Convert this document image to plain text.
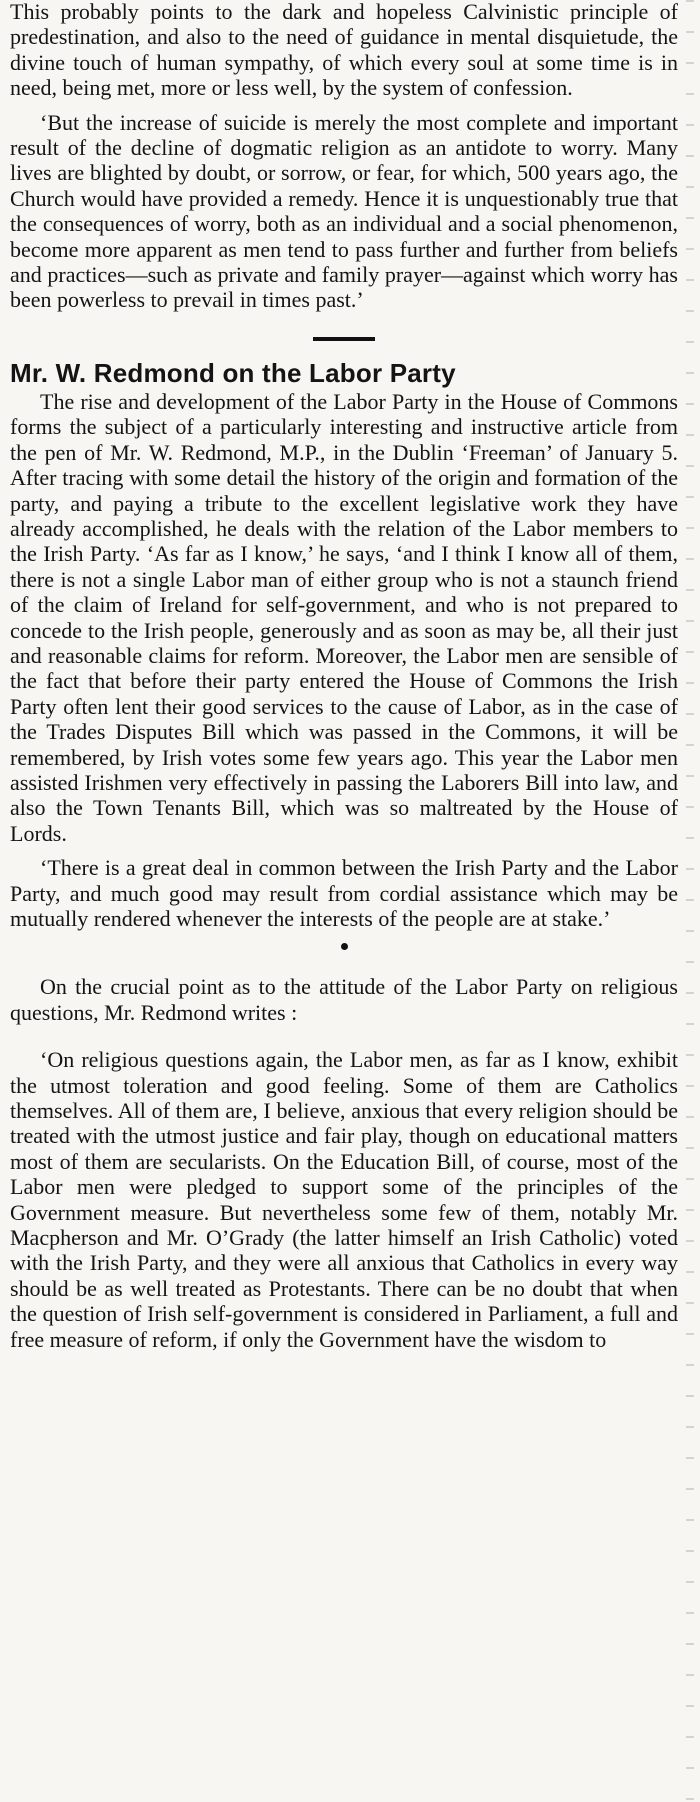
This probably points to the dark and hopeless Calvinistic principle of predestination, and also to the need of guidance in mental disquietude, the divine touch of human sympathy, of which every soul at some time is in need, being met, more or less well, by the system of confession.

‘But the increase of suicide is merely the most complete and important result of the decline of dogmatic religion as an antidote to worry. Many lives are blighted by doubt, or sorrow, or fear, for which, 500 years ago, the Church would have provided a remedy. Hence it is unquestionably true that the consequences of worry, both as an individual and a social phenomenon, become more apparent as men tend to pass further and further from beliefs and practices—such as private and family prayer—against which worry has been powerless to prevail in times past.’

Mr. W. Redmond on the Labor Party

The rise and development of the Labor Party in the House of Commons forms the subject of a particularly interesting and instructive article from the pen of Mr. W. Redmond, M.P., in the Dublin ‘Freeman’ of January 5. After tracing with some detail the history of the origin and formation of the party, and paying a tribute to the excellent legislative work they have already accomplished, he deals with the relation of the Labor members to the Irish Party. ‘As far as I know,’ he says, ‘and I think I know all of them, there is not a single Labor man of either group who is not a staunch friend of the claim of Ireland for self-government, and who is not prepared to concede to the Irish people, generously and as soon as may be, all their just and reasonable claims for reform. Moreover, the Labor men are sensible of the fact that before their party entered the House of Commons the Irish Party often lent their good services to the cause of Labor, as in the case of the Trades Disputes Bill which was passed in the Commons, it will be remembered, by Irish votes some few years ago. This year the Labor men assisted Irishmen very effectively in passing the Laborers Bill into law, and also the Town Tenants Bill, which was so maltreated by the House of Lords.

‘There is a great deal in common between the Irish Party and the Labor Party, and much good may result from cordial assistance which may be mutually rendered whenever the interests of the people are at stake.’

On the crucial point as to the attitude of the Labor Party on religious questions, Mr. Redmond writes :

‘On religious questions again, the Labor men, as far as I know, exhibit the utmost toleration and good feeling. Some of them are Catholics themselves. All of them are, I believe, anxious that every religion should be treated with the utmost justice and fair play, though on educational matters most of them are secularists. On the Education Bill, of course, most of the Labor men were pledged to support some of the principles of the Government measure. But nevertheless some few of them, notably Mr. Macpherson and Mr. O’Grady (the latter himself an Irish Catholic) voted with the Irish Party, and they were all anxious that Catholics in every way should be as well treated as Protestants. There can be no doubt that when the question of Irish self-government is considered in Parliament, a full and free measure of reform, if only the Government have the wisdom to
